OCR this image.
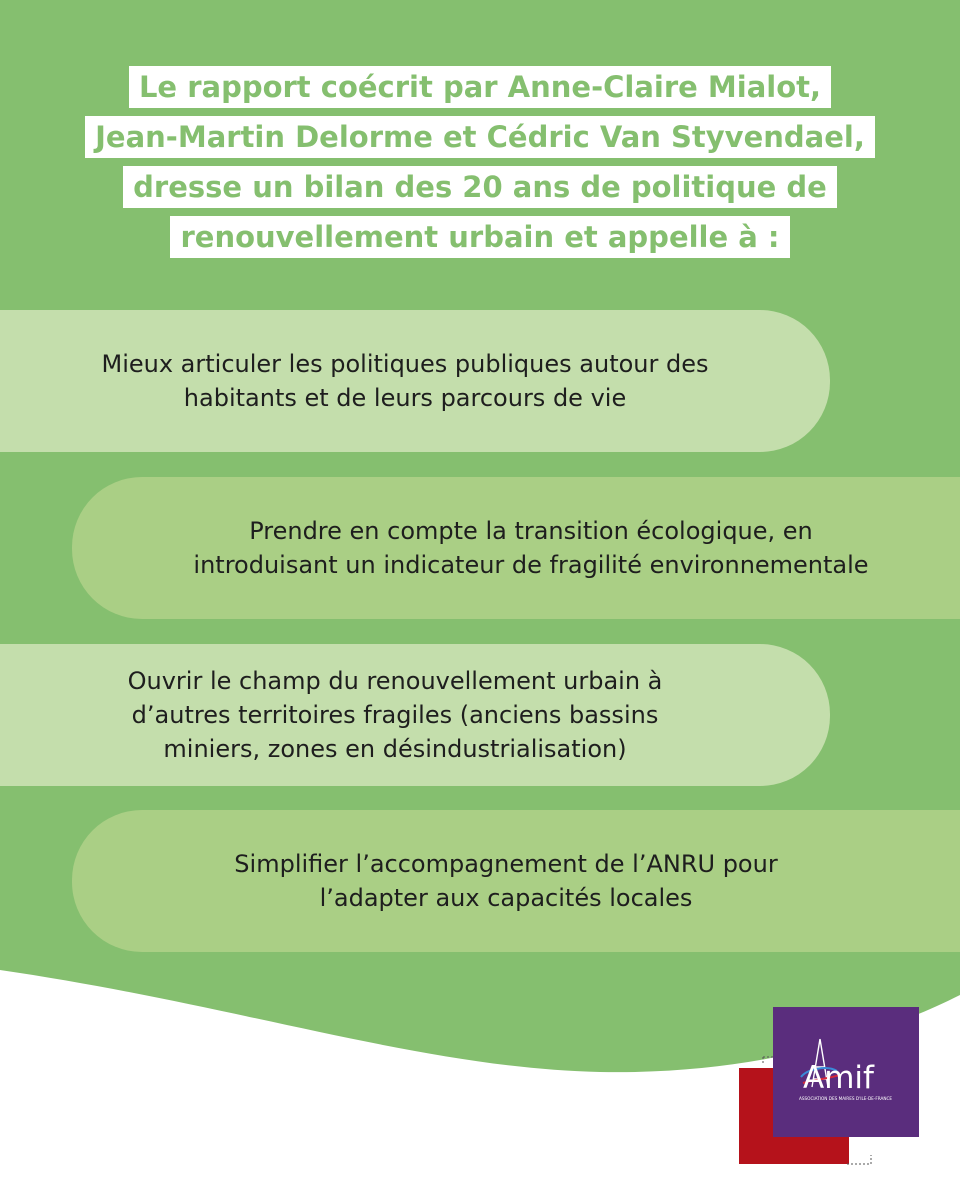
Le rapport coécrit par Anne-Claire Mialot,
Jean-Martin Delorme et Cédric Van Styvendael,
dresse un bilan des 20 ans de politique de
renouvellement urbain et appelle à :
Mieux articuler les politiques publiques autour des
habitants et de leurs parcours de vie
Prendre en compte la transition écologique, en
introduisant un indicateur de fragilité environnementale
Ouvrir le champ du renouvellement urbain à
d’autres territoires fragiles (anciens bassins
miniers, zones en désindustrialisation)
Simplifier l’accompagnement de l’ANRU pour
l’adapter aux capacités locales
Amif
ASSOCIATION DES MAIRES D'ILE-DE-FRANCE
